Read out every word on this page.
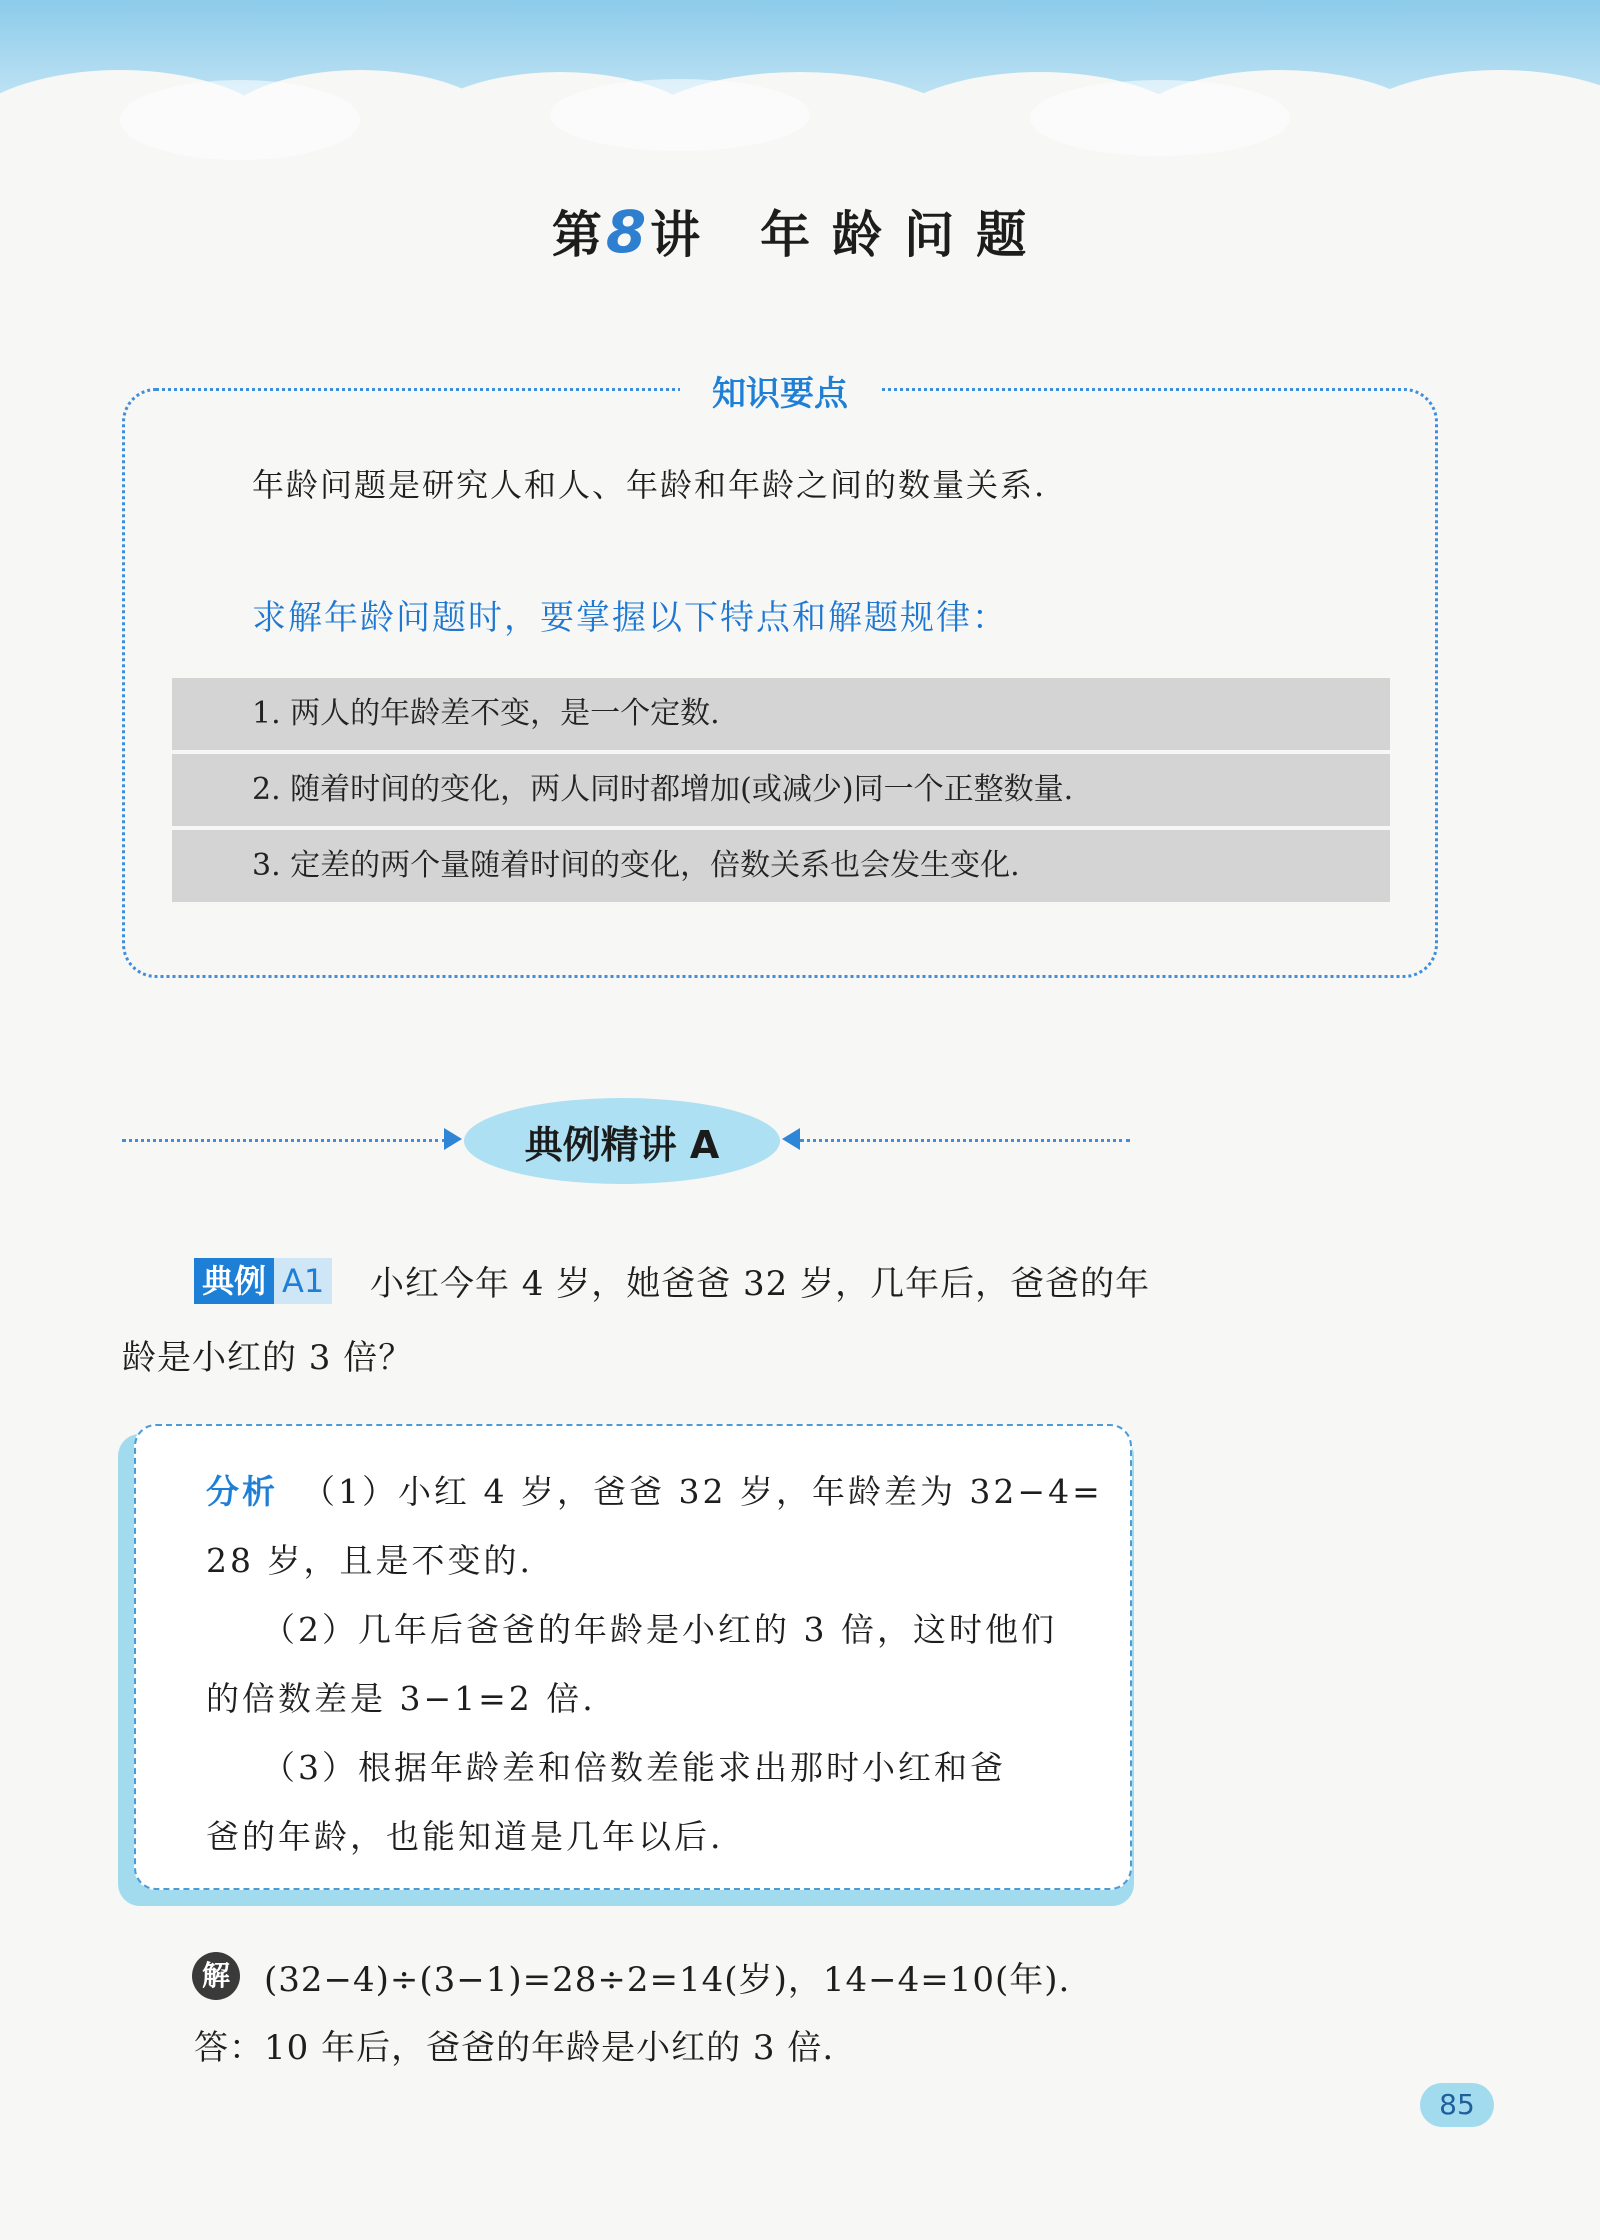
第8讲 年龄问题
知识要点
年龄问题是研究人和人、年龄和年龄之间的数量关系.
求解年龄问题时，要掌握以下特点和解题规律：
1. 两人的年龄差不变，是一个定数.
2. 随着时间的变化，两人同时都增加(或减少)同一个正整数量.
3. 定差的两个量随着时间的变化，倍数关系也会发生变化.
典例精讲 A
典例 A1 小红今年 4 岁，她爸爸 32 岁，几年后，爸爸的年
龄是小红的 3 倍？
分析 （1）小红 4 岁，爸爸 32 岁，年龄差为 32−4=
28 岁，且是不变的.
（2）几年后爸爸的年龄是小红的 3 倍，这时他们
的倍数差是 3−1=2 倍.
（3）根据年龄差和倍数差能求出那时小红和爸
爸的年龄，也能知道是几年以后.
解 (32−4)÷(3−1)=28÷2=14(岁)，14−4=10(年).
答：10 年后，爸爸的年龄是小红的 3 倍.
85
